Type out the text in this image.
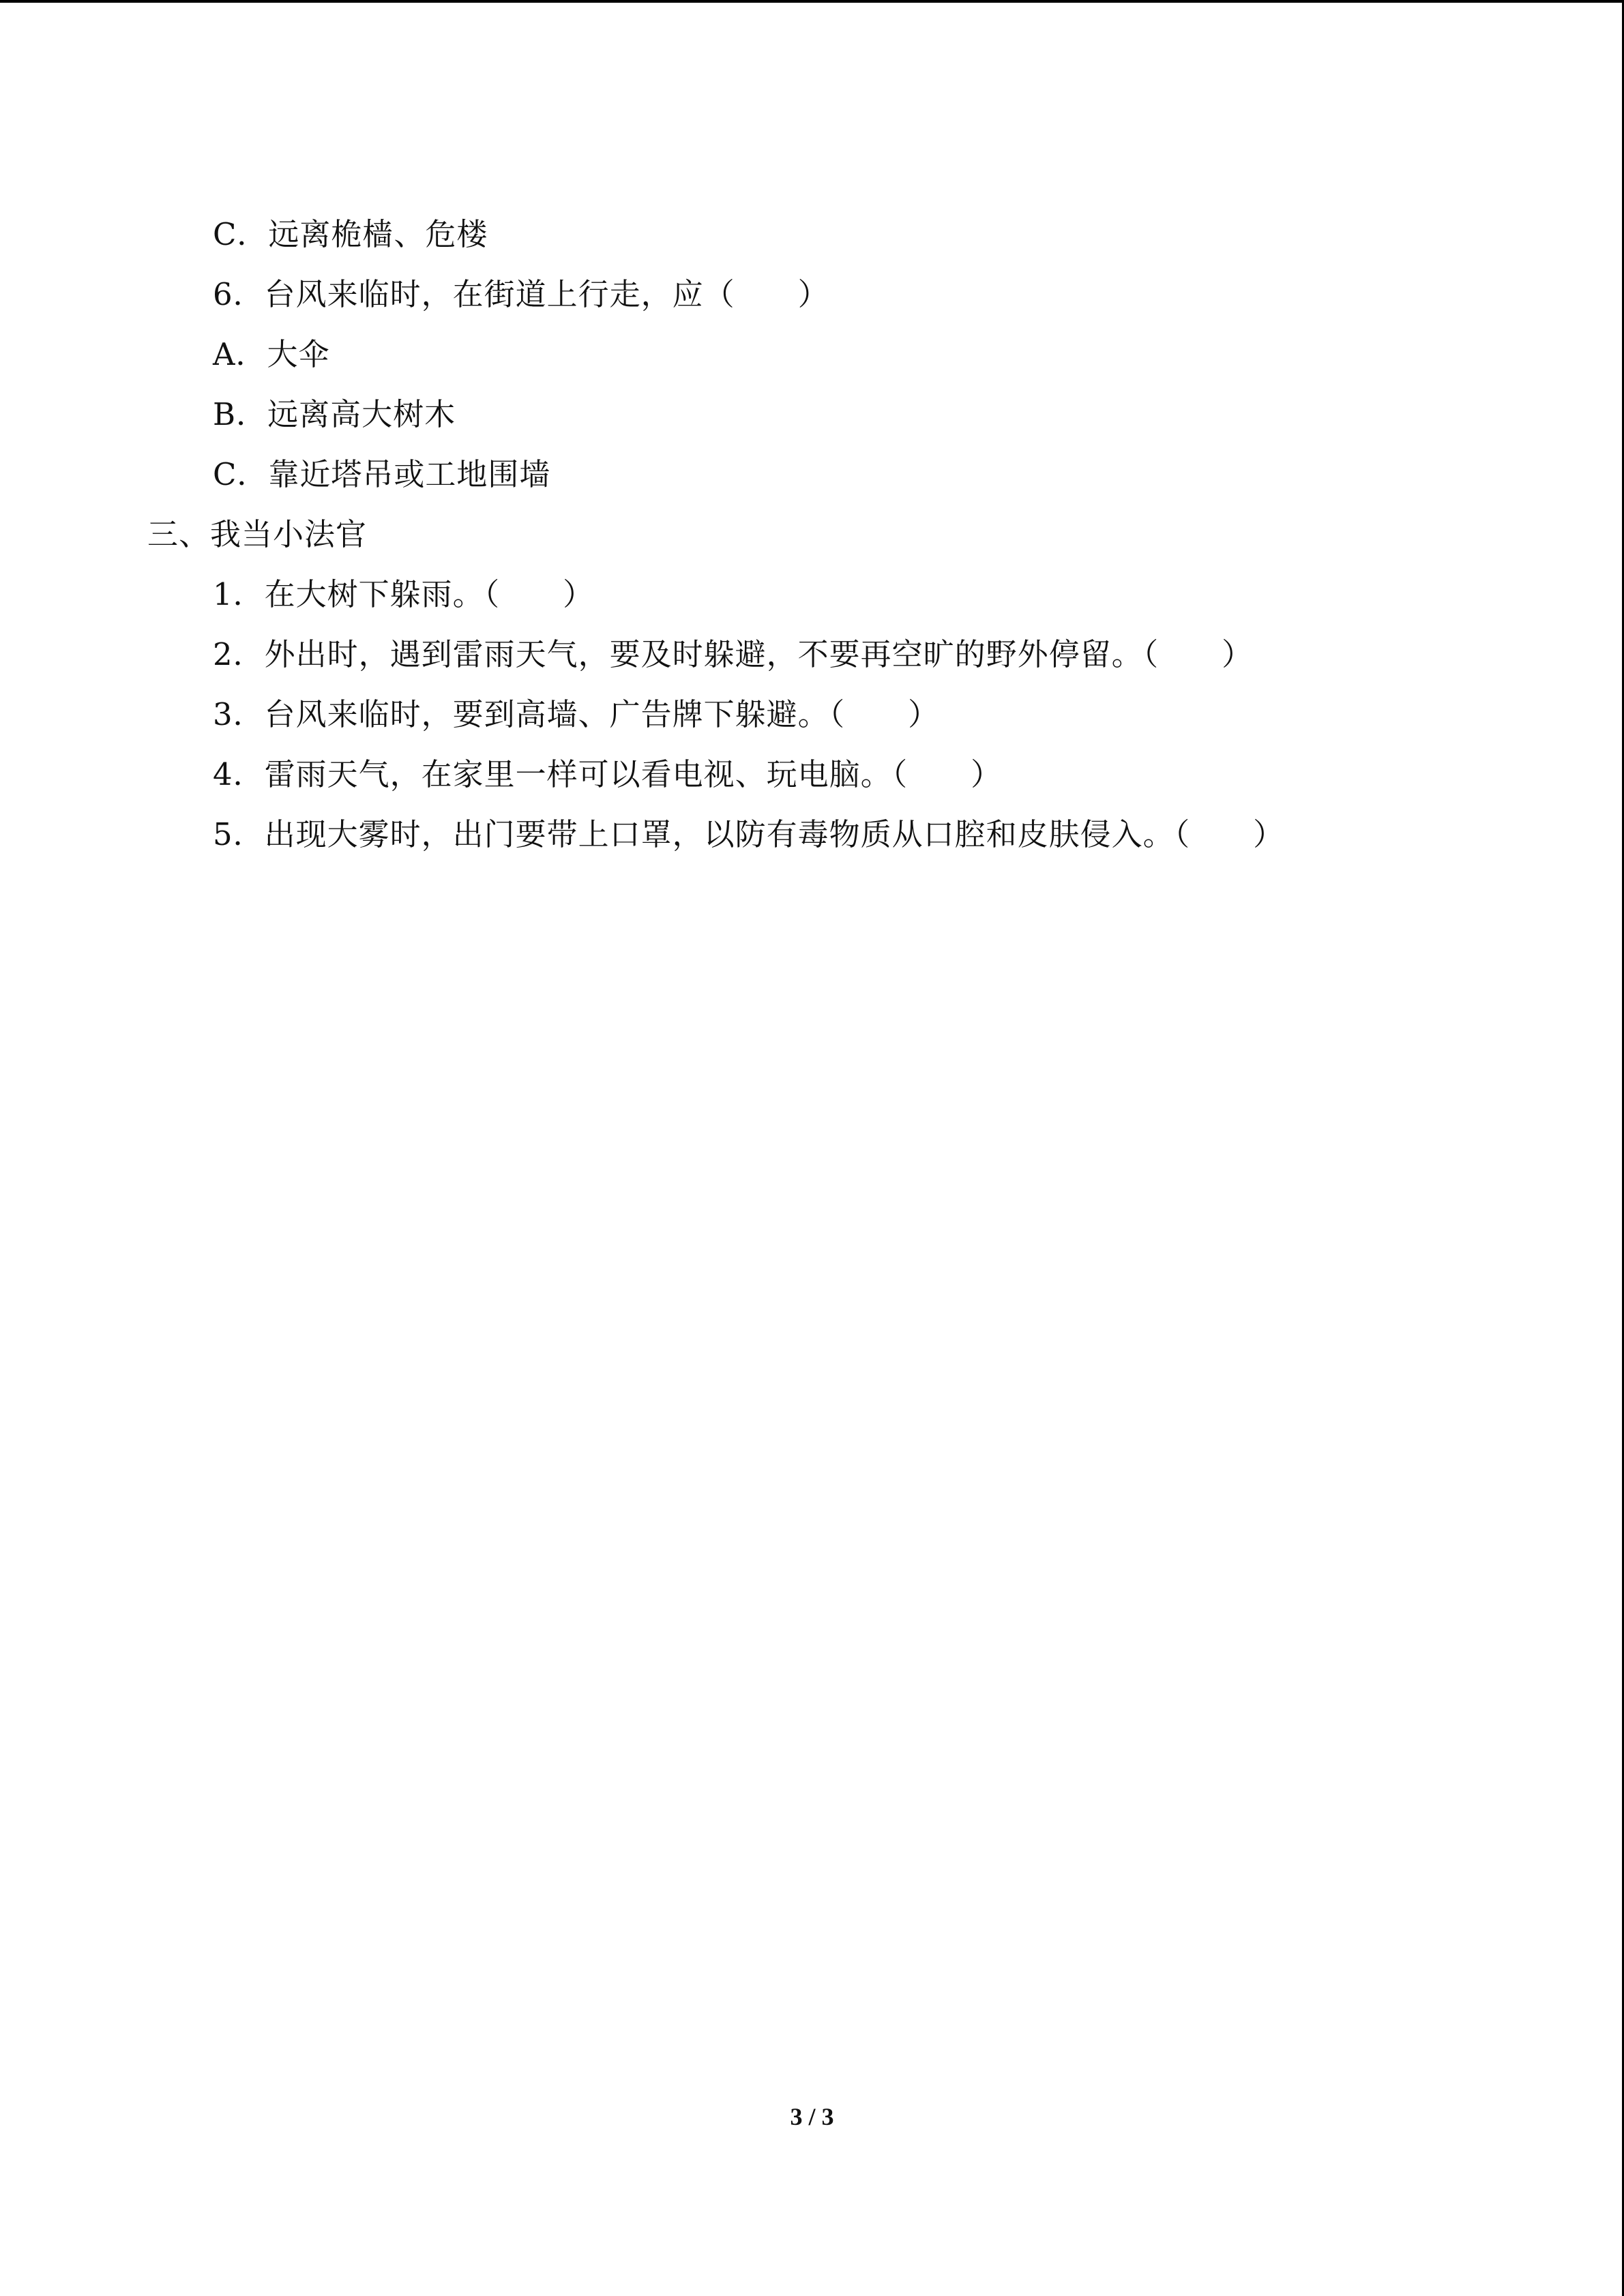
C．远离桅樯、危楼
6．台风来临时，在街道上行走，应（　　）
A．大伞
B．远离高大树木
C．靠近塔吊或工地围墙
三、我当小法官
1．在大树下躲雨。（　　）
2．外出时，遇到雷雨天气，要及时躲避，不要再空旷的野外停留。（　　）
3．台风来临时，要到高墙、广告牌下躲避。（　　）
4．雷雨天气，在家里一样可以看电视、玩电脑。（　　）
5．出现大雾时，出门要带上口罩，以防有毒物质从口腔和皮肤侵入。（　　）
3 / 3
